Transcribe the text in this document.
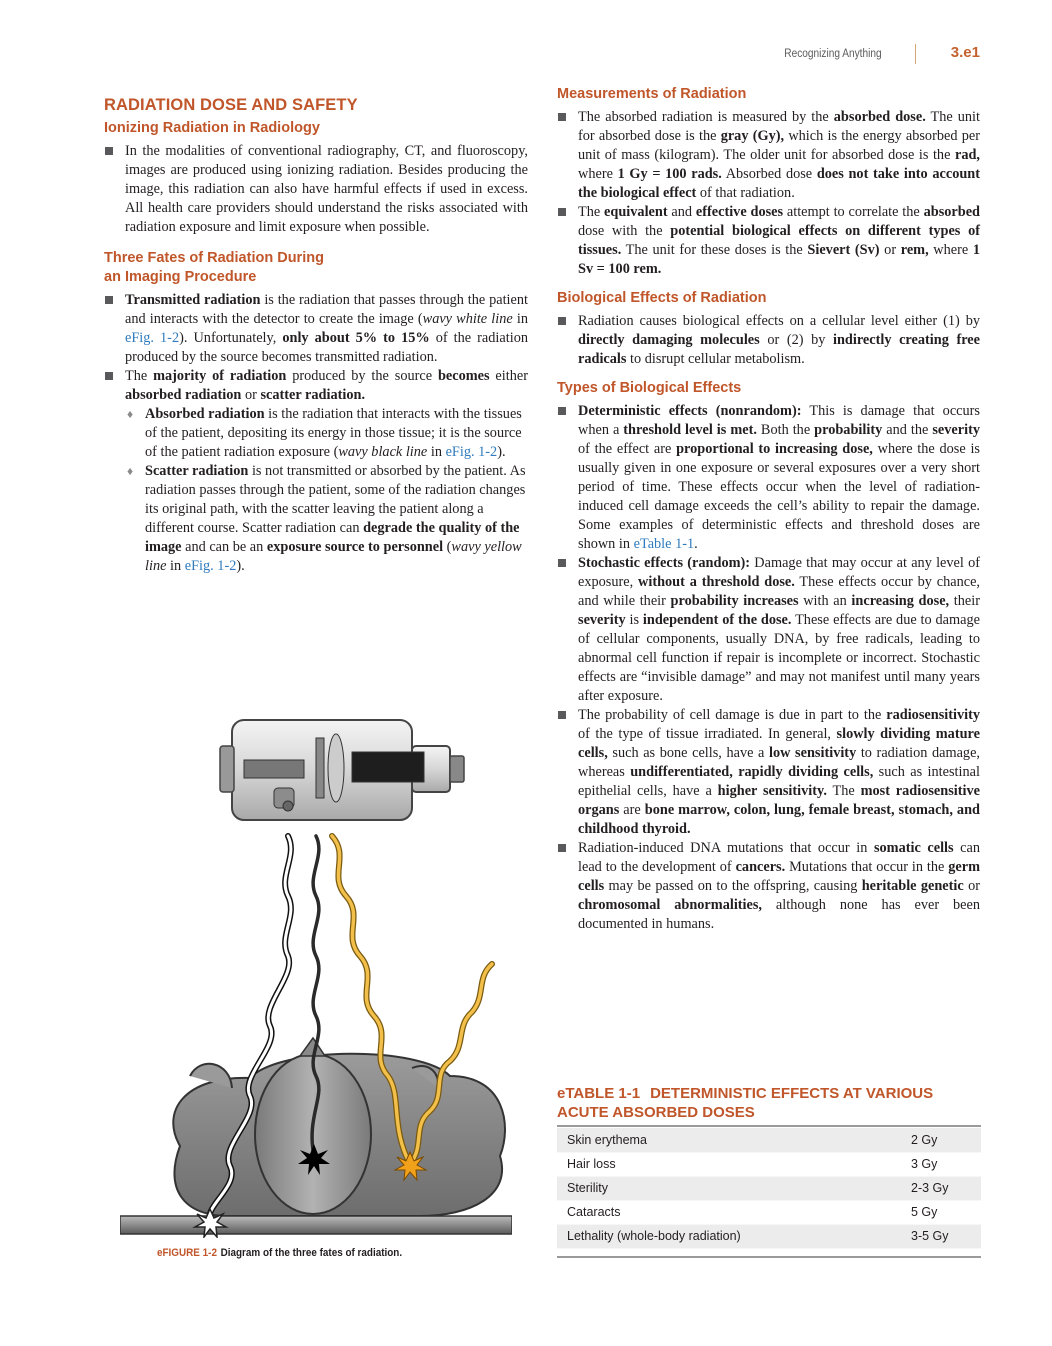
Recognizing Anything	3.e1
RADIATION DOSE AND SAFETY
Ionizing Radiation in Radiology
In the modalities of conventional radiography, CT, and fluoroscopy, images are produced using ionizing radiation. Besides producing the image, this radiation can also have harmful effects if used in excess. All health care providers should understand the risks associated with radiation exposure and limit exposure when possible.
Three Fates of Radiation During
an Imaging Procedure
Transmitted radiation is the radiation that passes through the patient and interacts with the detector to create the image (wavy white line in eFig. 1-2). Unfortunately, only about 5% to 15% of the radiation produced by the source becomes transmitted radiation.
The majority of radiation produced by the source becomes either absorbed radiation or scatter radiation.
♦ Absorbed radiation is the radiation that interacts with the tissues of the patient, depositing its energy in those tissue; it is the source of the patient radiation exposure (wavy black line in eFig. 1-2).
♦ Scatter radiation is not transmitted or absorbed by the patient. As radiation passes through the patient, some of the radiation changes its original path, with the scatter leaving the patient along a different course. Scatter radiation can degrade the quality of the image and can be an exposure source to personnel (wavy yellow line in eFig. 1-2).
Measurements of Radiation
The absorbed radiation is measured by the absorbed dose. The unit for absorbed dose is the gray (Gy), which is the energy absorbed per unit of mass (kilogram). The older unit for absorbed dose is the rad, where 1 Gy = 100 rads. Absorbed dose does not take into account the biological effect of that radiation.
The equivalent and effective doses attempt to correlate the absorbed dose with the potential biological effects on different types of tissues. The unit for these doses is the Sievert (Sv) or rem, where 1 Sv = 100 rem.
Biological Effects of Radiation
Radiation causes biological effects on a cellular level either (1) by directly damaging molecules or (2) by indirectly creating free radicals to disrupt cellular metabolism.
Types of Biological Effects
Deterministic effects (nonrandom): This is damage that occurs when a threshold level is met. Both the probability and the severity of the effect are proportional to increasing dose, where the dose is usually given in one exposure or several exposures over a very short period of time. These effects occur when the level of radiation-induced cell damage exceeds the cell’s ability to repair the damage. Some examples of deterministic effects and threshold doses are shown in eTable 1-1.
Stochastic effects (random): Damage that may occur at any level of exposure, without a threshold dose. These effects occur by chance, and while their probability increases with an increasing dose, their severity is independent of the dose. These effects are due to damage of cellular components, usually DNA, by free radicals, leading to abnormal cell function if repair is incomplete or incorrect. Stochastic effects are “invisible damage” and may not manifest until many years after exposure.
The probability of cell damage is due in part to the radiosensitivity of the type of tissue irradiated. In general, slowly dividing mature cells, such as bone cells, have a low sensitivity to radiation damage, whereas undifferentiated, rapidly dividing cells, such as intestinal epithelial cells, have a higher sensitivity. The most radiosensitive organs are bone marrow, colon, lung, female breast, stomach, and childhood thyroid.
Radiation-induced DNA mutations that occur in somatic cells can lead to the development of cancers. Mutations that occur in the germ cells may be passed on to the offspring, causing heritable genetic or chromosomal abnormalities, although none has ever been documented in humans.
eFIGURE 1-2 Diagram of the three fates of radiation.
eTABLE 1-1 DETERMINISTIC EFFECTS AT VARIOUS
ACUTE ABSORBED DOSES
Skin erythema	2 Gy
Hair loss	3 Gy
Sterility	2-3 Gy
Cataracts	5 Gy
Lethality (whole-body radiation)	3-5 Gy
